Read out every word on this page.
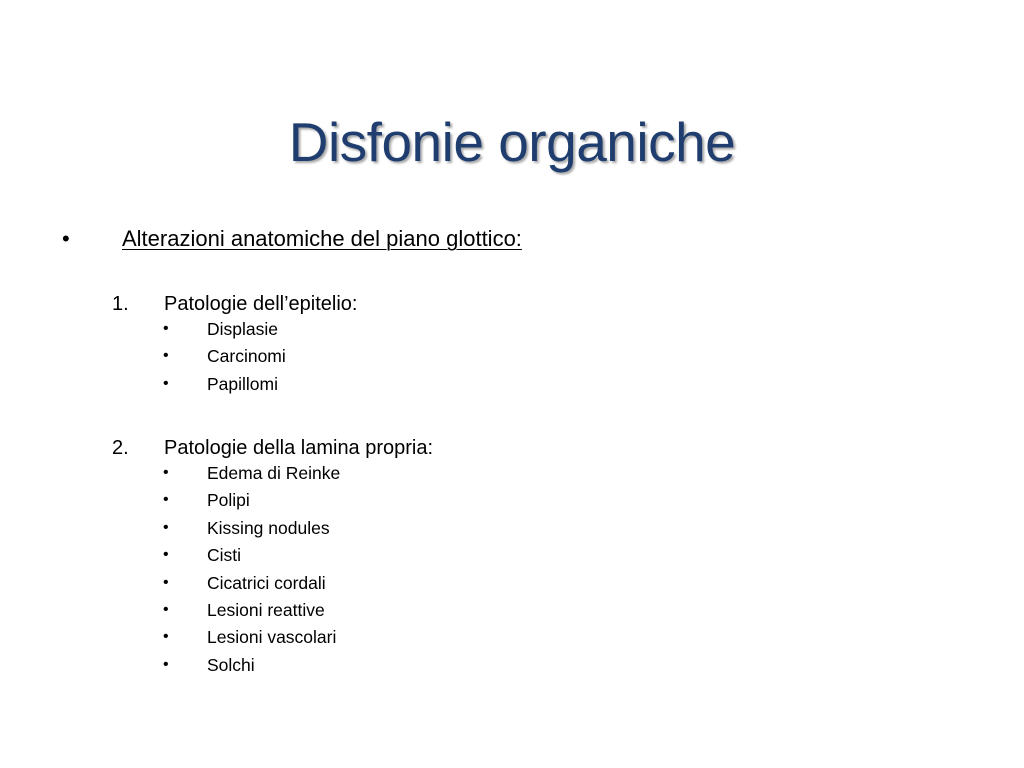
Disfonie organiche
• Alterazioni anatomiche del piano glottico:
1. Patologie dell’epitelio:
• Displasie
• Carcinomi
• Papillomi
2. Patologie della lamina propria:
• Edema di Reinke
• Polipi
• Kissing nodules
• Cisti
• Cicatrici cordali
• Lesioni reattive
• Lesioni vascolari
• Solchi
